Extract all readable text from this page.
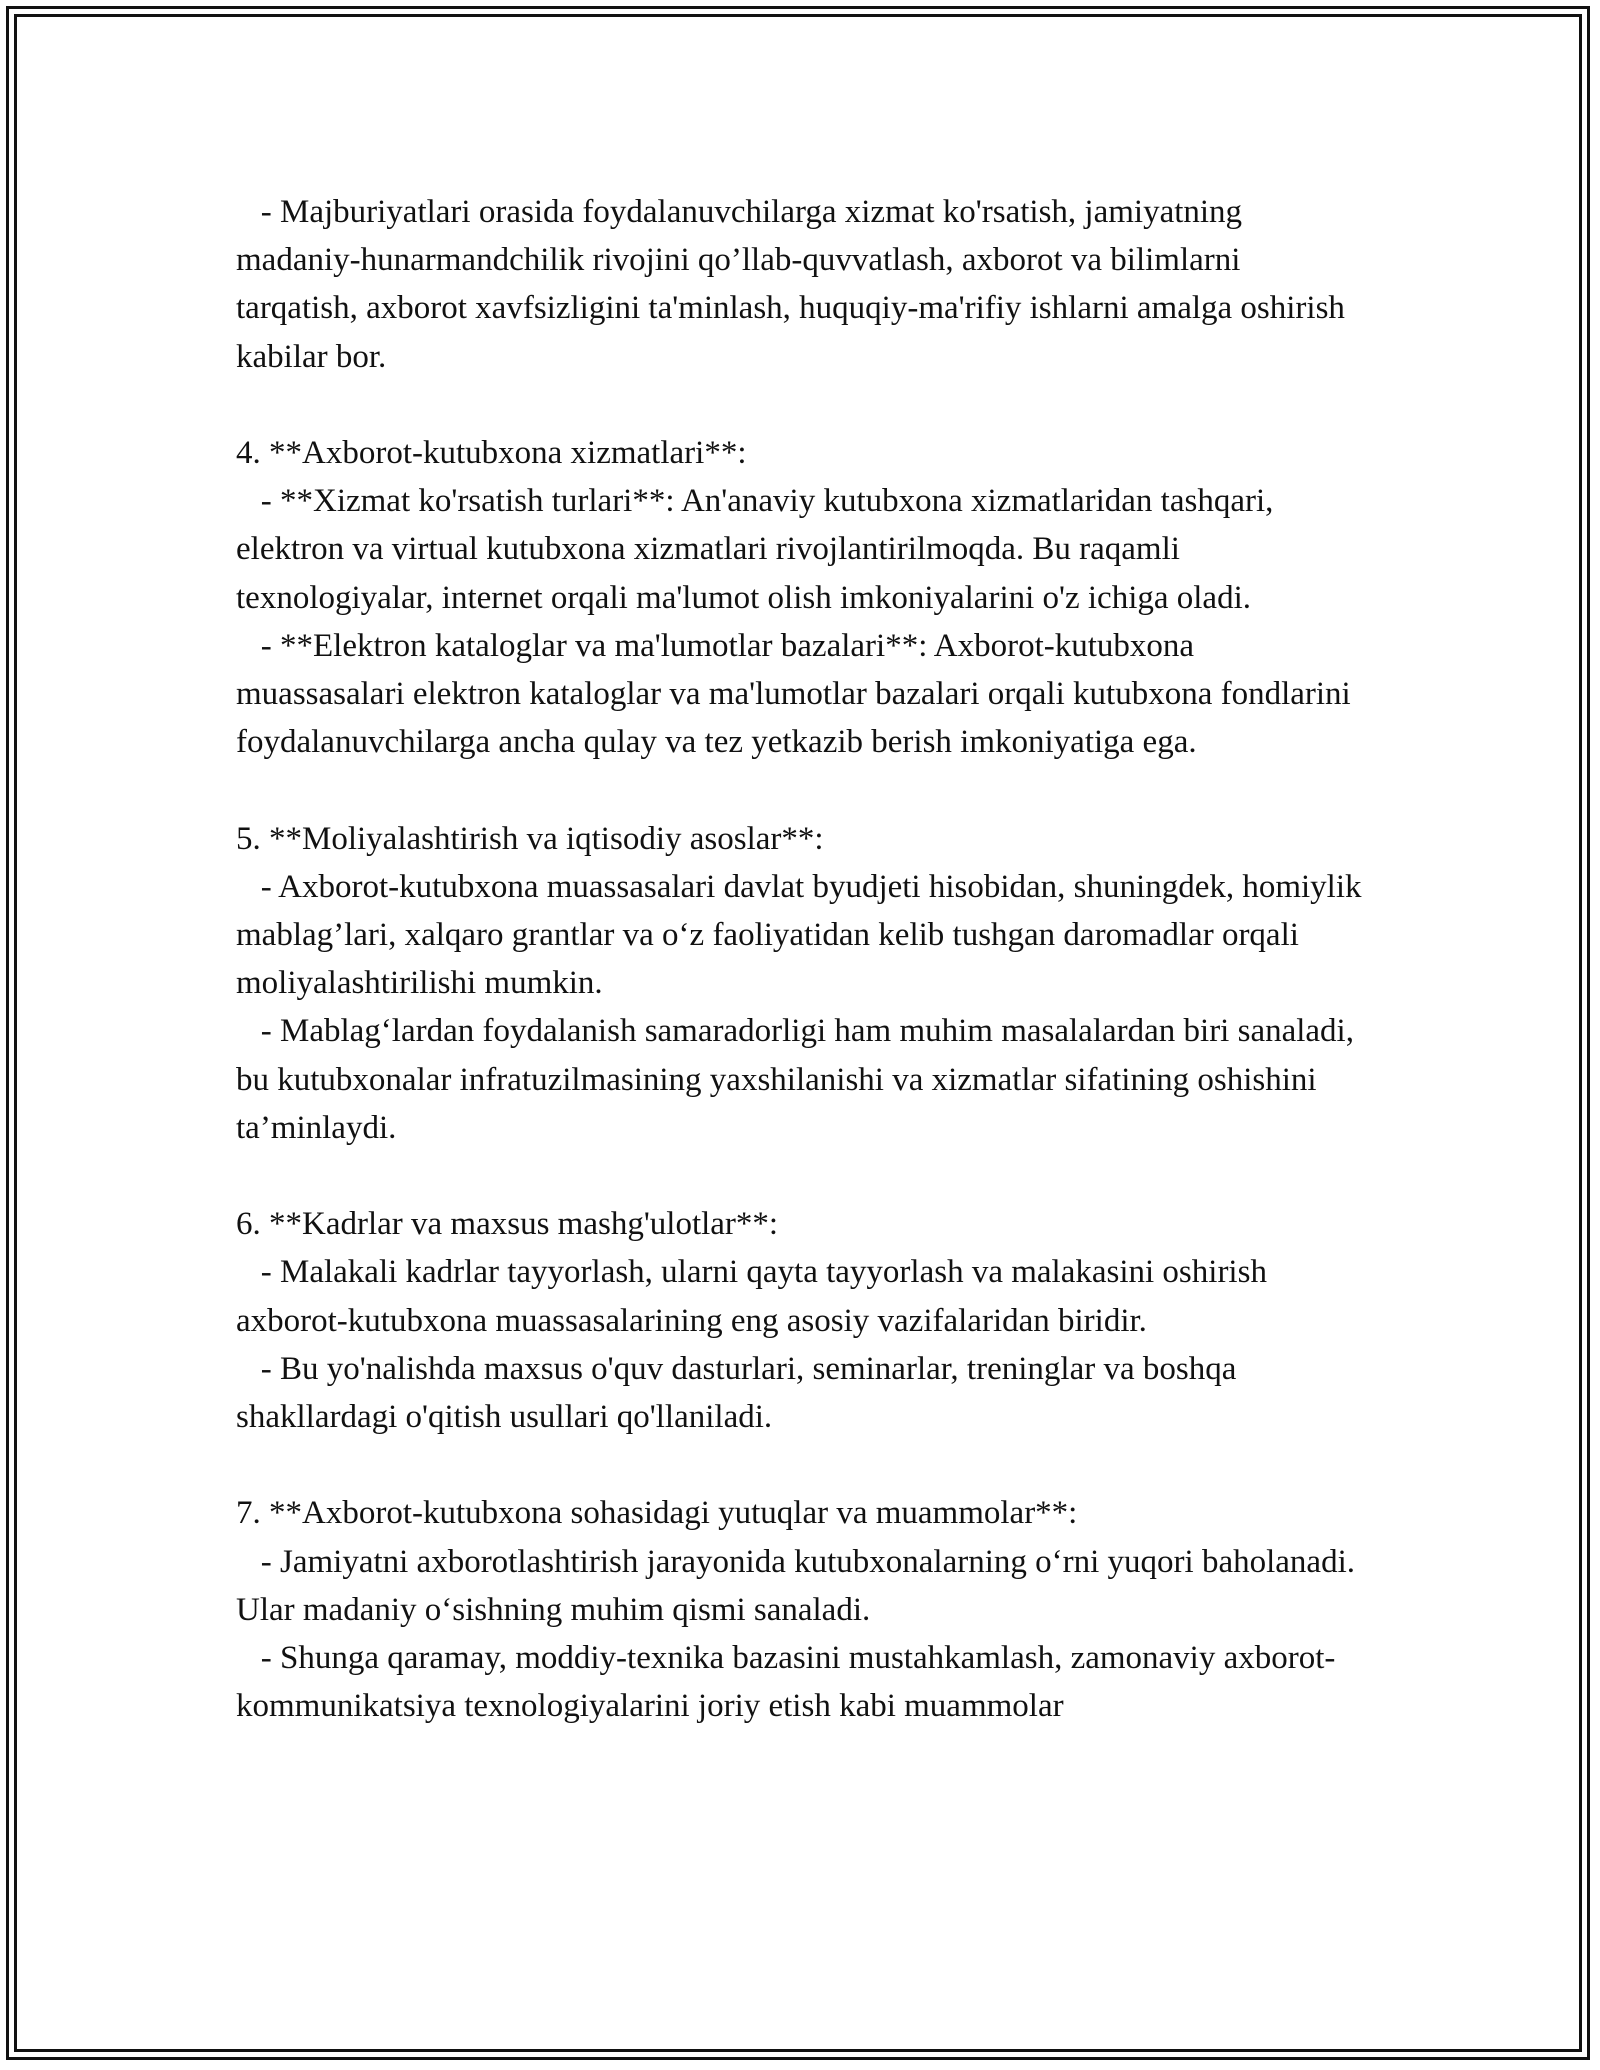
- Majburiyatlari orasida foydalanuvchilarga xizmat ko'rsatish, jamiyatning madaniy-hunarmandchilik rivojini qo’llab-quvvatlash, axborot va bilimlarni tarqatish, axborot xavfsizligini ta'minlash, huquqiy-ma'rifiy ishlarni amalga oshirish kabilar bor.

4. **Axborot-kutubxona xizmatlari**:

- **Xizmat ko'rsatish turlari**: An'anaviy kutubxona xizmatlaridan tashqari, elektron va virtual kutubxona xizmatlari rivojlantirilmoqda. Bu raqamli texnologiyalar, internet orqali ma'lumot olish imkoniyalarini o'z ichiga oladi.

- **Elektron kataloglar va ma'lumotlar bazalari**: Axborot-kutubxona muassasalari elektron kataloglar va ma'lumotlar bazalari orqali kutubxona fondlarini foydalanuvchilarga ancha qulay va tez yetkazib berish imkoniyatiga ega.

5. **Moliyalashtirish va iqtisodiy asoslar**:

- Axborot-kutubxona muassasalari davlat byudjeti hisobidan, shuningdek, homiylik mablag’lari, xalqaro grantlar va o‘z faoliyatidan kelib tushgan daromadlar orqali moliyalashtirilishi mumkin.

- Mablag‘lardan foydalanish samaradorligi ham muhim masalalardan biri sanaladi, bu kutubxonalar infratuzilmasining yaxshilanishi va xizmatlar sifatining oshishini ta’minlaydi.

6. **Kadrlar va maxsus mashg'ulotlar**:

- Malakali kadrlar tayyorlash, ularni qayta tayyorlash va malakasini oshirish axborot-kutubxona muassasalarining eng asosiy vazifalaridan biridir.

- Bu yo'nalishda maxsus o'quv dasturlari, seminarlar, treninglar va boshqa shakllardagi o'qitish usullari qo'llaniladi.

7. **Axborot-kutubxona sohasidagi yutuqlar va muammolar**:

- Jamiyatni axborotlashtirish jarayonida kutubxonalarning o‘rni yuqori baholanadi. Ular madaniy o‘sishning muhim qismi sanaladi.

- Shunga qaramay, moddiy-texnika bazasini mustahkamlash, zamonaviy axborot-kommunikatsiya texnologiyalarini joriy etish kabi muammolar
